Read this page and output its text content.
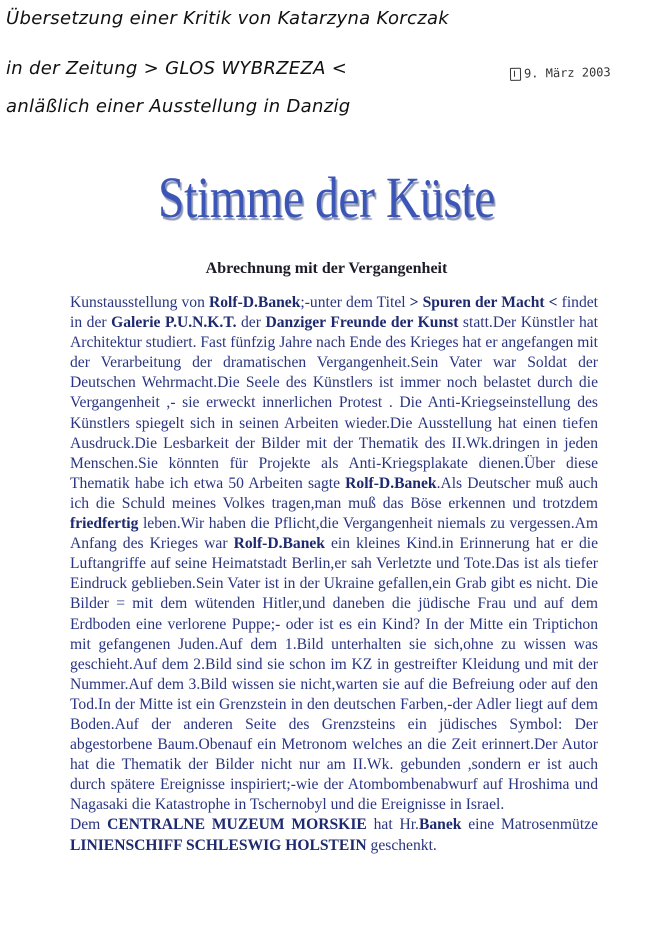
Übersetzung einer Kritik von Katarzyna Korczak
in der Zeitung > GLOS WYBRZEZA <
anläßlich einer Ausstellung in Danzig
9. März 2003
Stimme der Küste
Abrechnung mit der Vergangenheit

Kunstausstellung von Rolf-D.Banek;-unter dem Titel > Spuren der Macht < findet in der Galerie P.U.N.K.T. der Danziger Freunde der Kunst statt.Der Künstler hat Architektur studiert. Fast fünfzig Jahre nach Ende des Krieges hat er angefangen mit der Verarbeitung der dramatischen Vergangenheit.Sein Vater war Soldat der Deutschen Wehrmacht.Die Seele des Künstlers ist immer noch belastet durch die Vergangenheit ,- sie erweckt innerlichen Protest . Die Anti-Kriegseinstellung des Künstlers spiegelt sich in seinen Arbeiten wieder.Die Ausstellung hat einen tiefen Ausdruck.Die Lesbarkeit der Bilder mit der Thematik des II.Wk.dringen in jeden Menschen.Sie könnten für Projekte als Anti-Kriegsplakate dienen.Über diese Thematik habe ich etwa 50 Arbeiten sagte Rolf-D.Banek.Als Deutscher muß auch ich die Schuld meines Volkes tragen,man muß das Böse erkennen und trotzdem friedfertig leben.Wir haben die Pflicht,die Vergangenheit niemals zu vergessen.Am Anfang des Krieges war Rolf-D.Banek ein kleines Kind.in Erinnerung hat er die Luftangriffe auf seine Heimatstadt Berlin,er sah Verletzte und Tote.Das ist als tiefer Eindruck geblieben.Sein Vater ist in der Ukraine gefallen,ein Grab gibt es nicht. Die Bilder = mit dem wütenden Hitler,und daneben die jüdische Frau und auf dem Erdboden eine verlorene Puppe;- oder ist es ein Kind? In der Mitte ein Triptichon mit gefangenen Juden.Auf dem 1.Bild unterhalten sie sich,ohne zu wissen was geschieht.Auf dem 2.Bild sind sie schon im KZ in gestreifter Kleidung und mit der Nummer.Auf dem 3.Bild wissen sie nicht,warten sie auf die Befreiung oder auf den Tod.In der Mitte ist ein Grenzstein in den deutschen Farben,-der Adler liegt auf dem Boden.Auf der anderen Seite des Grenzsteins ein jüdisches Symbol: Der abgestorbene Baum.Obenauf ein Metronom welches an die Zeit erinnert.Der Autor hat die Thematik der Bilder nicht nur am II.Wk. gebunden ,sondern er ist auch durch spätere Ereignisse inspiriert;-wie der Atombombenabwurf auf Hroshima und Nagasaki die Katastrophe in Tschernobyl und die Ereignisse in Israel.

Dem CENTRALNE MUZEUM MORSKIE hat Hr.Banek eine Matrosenmütze LINIENSCHIFF SCHLESWIG HOLSTEIN geschenkt.
